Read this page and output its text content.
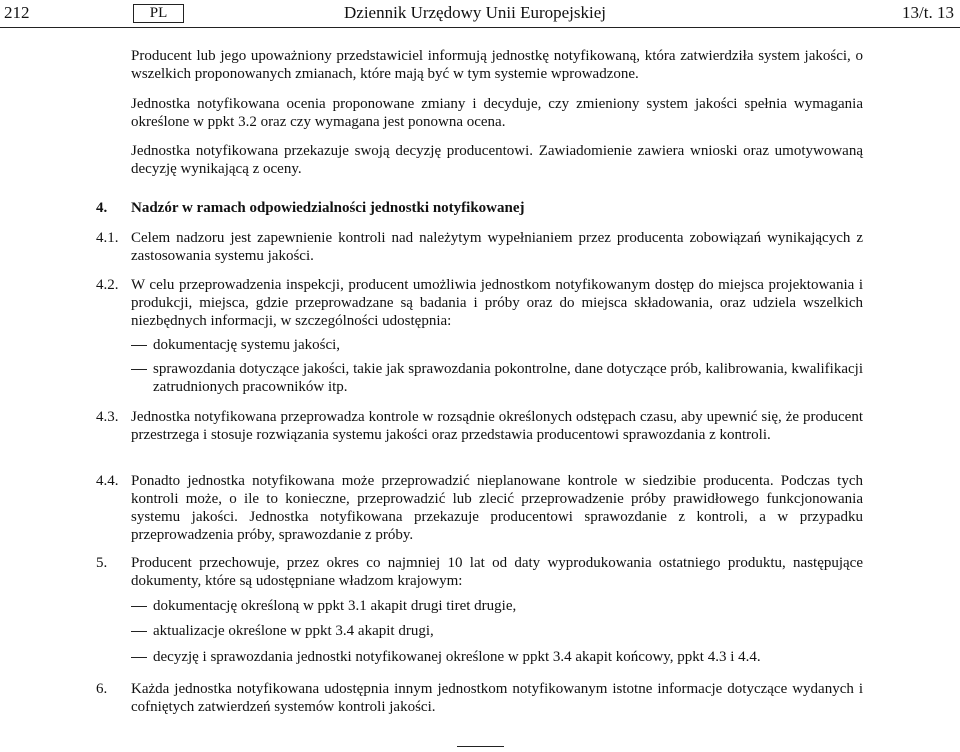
212	PL	Dziennik Urzędowy Unii Europejskiej	13/t. 13
Producent lub jego upoważniony przedstawiciel informują jednostkę notyfikowaną, która zatwierdziła system jakości, o wszelkich proponowanych zmianach, które mają być w tym systemie wprowadzone.
Jednostka notyfikowana ocenia proponowane zmiany i decyduje, czy zmieniony system jakości spełnia wymagania określone w ppkt 3.2 oraz czy wymagana jest ponowna ocena.
Jednostka notyfikowana przekazuje swoją decyzję producentowi. Zawiadomienie zawiera wnioski oraz umotywowaną decyzję wynikającą z oceny.
4. Nadzór w ramach odpowiedzialności jednostki notyfikowanej
4.1. Celem nadzoru jest zapewnienie kontroli nad należytym wypełnianiem przez producenta zobowiązań wynikających z zastosowania systemu jakości.
4.2. W celu przeprowadzenia inspekcji, producent umożliwia jednostkom notyfikowanym dostęp do miejsca projektowania i produkcji, miejsca, gdzie przeprowadzane są badania i próby oraz do miejsca składowania, oraz udziela wszelkich niezbędnych informacji, w szczególności udostępnia:
dokumentację systemu jakości,
sprawozdania dotyczące jakości, takie jak sprawozdania pokontrolne, dane dotyczące prób, kalibrowania, kwalifikacji zatrudnionych pracowników itp.
4.3. Jednostka notyfikowana przeprowadza kontrole w rozsądnie określonych odstępach czasu, aby upewnić się, że producent przestrzega i stosuje rozwiązania systemu jakości oraz przedstawia producentowi sprawozdania z kontroli.
4.4. Ponadto jednostka notyfikowana może przeprowadzić nieplanowane kontrole w siedzibie producenta. Podczas tych kontroli może, o ile to konieczne, przeprowadzić lub zlecić przeprowadzenie próby prawidłowego funkcjonowania systemu jakości. Jednostka notyfikowana przekazuje producentowi sprawozdanie z kontroli, a w przypadku przeprowadzenia próby, sprawozdanie z próby.
5. Producent przechowuje, przez okres co najmniej 10 lat od daty wyprodukowania ostatniego produktu, następujące dokumenty, które są udostępniane władzom krajowym:
dokumentację określoną w ppkt 3.1 akapit drugi tiret drugie,
aktualizacje określone w ppkt 3.4 akapit drugi,
decyzję i sprawozdania jednostki notyfikowanej określone w ppkt 3.4 akapit końcowy, ppkt 4.3 i 4.4.
6. Każda jednostka notyfikowana udostępnia innym jednostkom notyfikowanym istotne informacje dotyczące wydanych i cofniętych zatwierdzeń systemów kontroli jakości.
